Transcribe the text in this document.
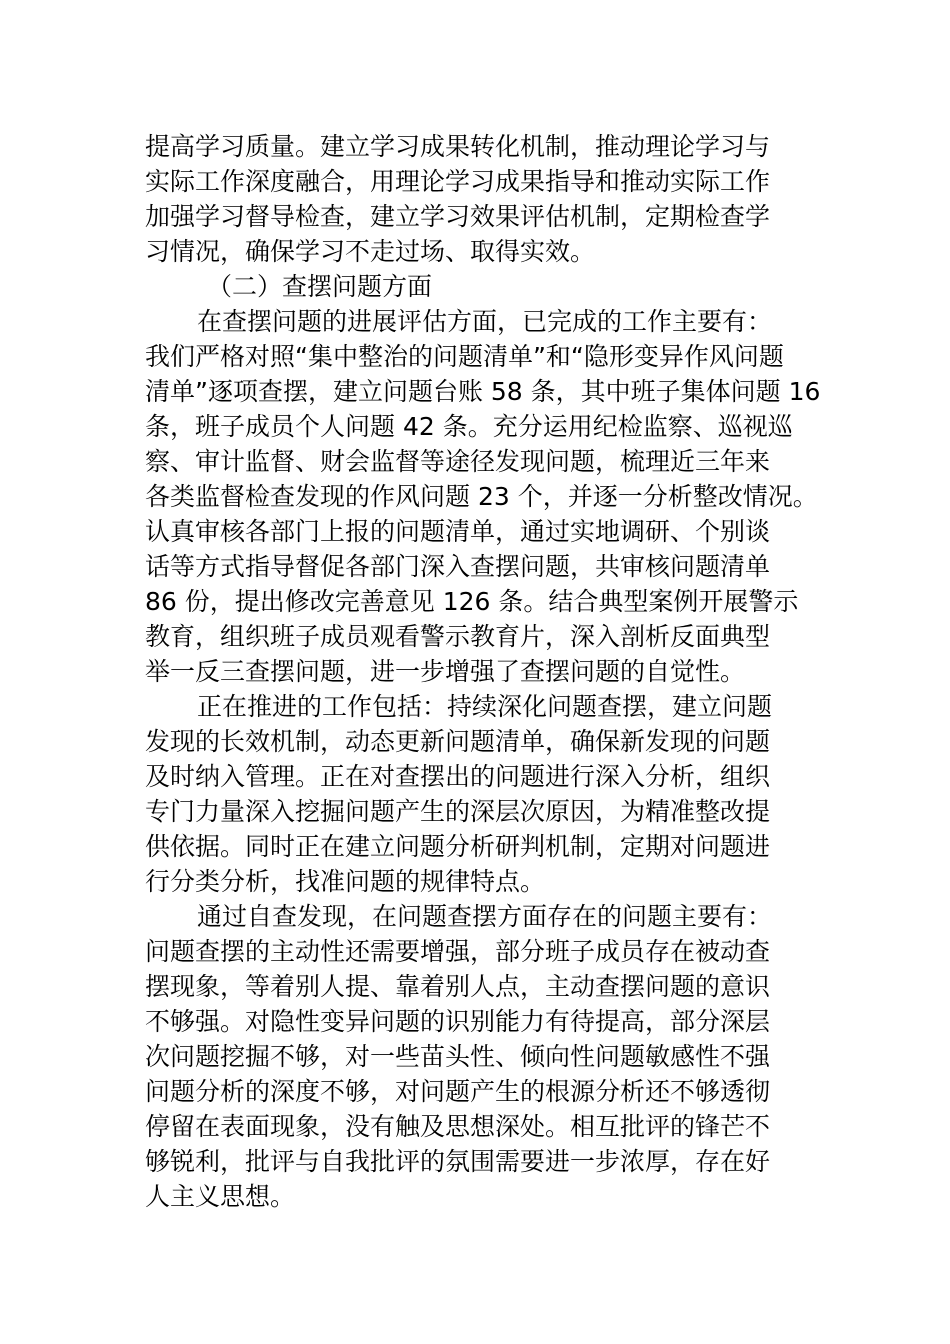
提高学习质量。建立学习成果转化机制，推动理论学习与
实际工作深度融合，用理论学习成果指导和推动实际工作
加强学习督导检查，建立学习效果评估机制，定期检查学
习情况，确保学习不走过场、取得实效。
（二）查摆问题方面
在查摆问题的进展评估方面，已完成的工作主要有：
我们严格对照“集中整治的问题清单”和“隐形变异作风问题
清单”逐项查摆，建立问题台账 58 条，其中班子集体问题 16
条，班子成员个人问题 42 条。充分运用纪检监察、巡视巡
察、审计监督、财会监督等途径发现问题，梳理近三年来
各类监督检查发现的作风问题 23 个，并逐一分析整改情况。
认真审核各部门上报的问题清单，通过实地调研、个别谈
话等方式指导督促各部门深入查摆问题，共审核问题清单
86 份，提出修改完善意见 126 条。结合典型案例开展警示
教育，组织班子成员观看警示教育片，深入剖析反面典型
举一反三查摆问题，进一步增强了查摆问题的自觉性。
正在推进的工作包括：持续深化问题查摆，建立问题
发现的长效机制，动态更新问题清单，确保新发现的问题
及时纳入管理。正在对查摆出的问题进行深入分析，组织
专门力量深入挖掘问题产生的深层次原因，为精准整改提
供依据。同时正在建立问题分析研判机制，定期对问题进
行分类分析，找准问题的规律特点。
通过自查发现，在问题查摆方面存在的问题主要有：
问题查摆的主动性还需要增强，部分班子成员存在被动查
摆现象，等着别人提、靠着别人点，主动查摆问题的意识
不够强。对隐性变异问题的识别能力有待提高，部分深层
次问题挖掘不够，对一些苗头性、倾向性问题敏感性不强
问题分析的深度不够，对问题产生的根源分析还不够透彻
停留在表面现象，没有触及思想深处。相互批评的锋芒不
够锐利，批评与自我批评的氛围需要进一步浓厚，存在好
人主义思想。
